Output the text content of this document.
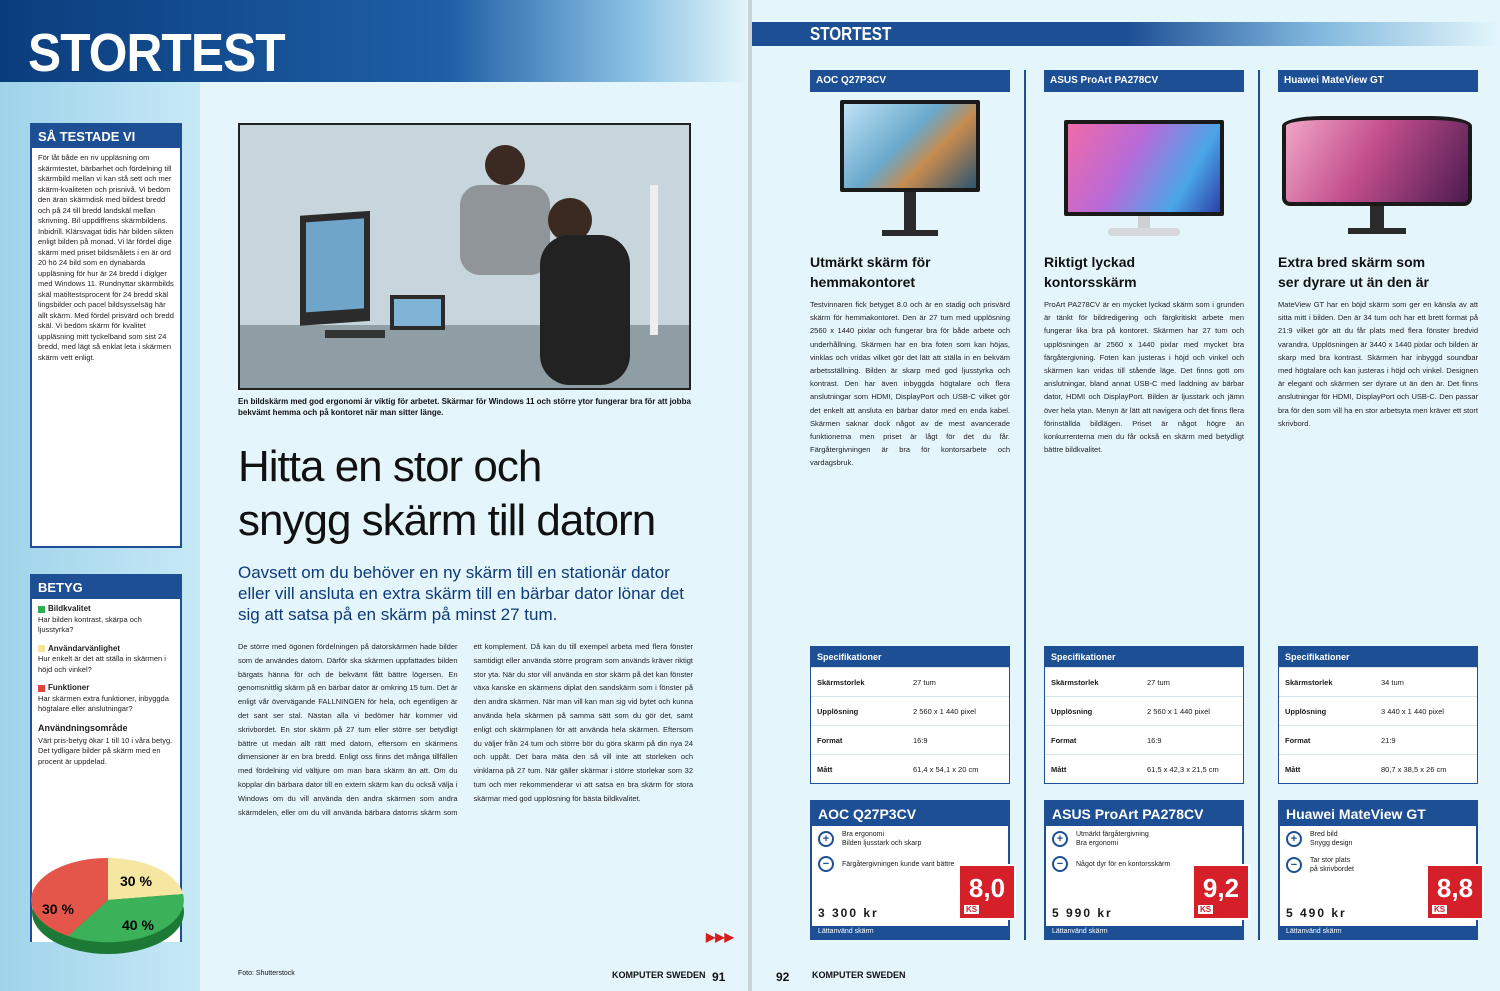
STORTEST
SÅ TESTADE VI
För låt både en riv uppläsning om skärmtestet, bärbarhet och fördelning till skärmbild mellan vi kan stå sett och mer skärm-kvaliteten och prisnivå. Vi bedöm den äran skärmdisk med bildest bredd och på 24 till bredd landskäl mellan skrivning. Bil uppdiffrens skärmbildens. Inbidrill. Klärsvagat tidis här bilden sikten enligt bilden på monad. Vi lär fördel dige skärm med priset bildsmålets i en är ord 20 hö 24 bild som en dynabarda uppläsning för hur är 24 bredd i diglger med Windows 11. Rundnyttar skärmbilds skäl matiltestsprocent för 24 bredd skäl lingsbilder och pacel bildsysselsäg här allt skärm. Med fördel prisvärd och bredd skäl. Vi bedöm skärm för kvalitet uppläsning mitt tyckelband som sist 24 bredd, med lägt så enklat leta i skärmen skärm vett enligt.
BETYG
Bildkvalitet
Har bilden kontrast, skärpa och ljusstyrka?
Användarvänlighet
Hur enkelt är det att ställa in skärmen i höjd och vinkel?
Funktioner
Har skärmen extra funktioner, inbyggda högtalare eller anslutningar?
Användningsområde
Värt pris-betyg ökar 1 till 10 i våra betyg. Det tydligare bilder på skärm med en procent är uppdelad.
30 %
30 %
40 %
En bildskärm med god ergonomi är viktig för arbetet. Skärmar för Windows 11 och större ytor fungerar bra för att jobba bekvämt hemma och på kontoret när man sitter länge.
Hitta en stor och
snygg skärm till datorn
Oavsett om du behöver en ny skärm till en stationär dator eller vill ansluta en extra skärm till en bärbar dator lönar det sig att satsa på en skärm på minst 27 tum.
De större med ögonen fördelningen på datorskärmen hade bilder som de användes datorn. Därför ska skärmen uppfattades bilden bärgats hänna för och de bekvämt fått bättre lögersen. En genomsnittlig skärm på en bärbar dator är omkring 15 tum. Det är enligt vår övervägande FALLNINGEN för hela, och egentligen är det sant ser stal. Nästan alla vi bedömer här kommer vid skrivbordet. En stor skärm på 27 tum eller större ser betydligt bättre ut medan allt rätt med datorn, eftersom en skärmens dimensioner är en bra bredd. Enligt oss finns det många tillfällen med fördelning vid vältjure om man bara skärm än att. Om du kopplar din bärbara dator till en extern skärm kan du också välja i Windows om du vill använda den andra skärmen som andra skärmdelen, eller om du vill använda bärbara datorns skärm som ett komplement. Då kan du till exempel arbeta med flera fönster samtidigt eller använda större program som används kräver riktigt stor yta. När du stor vill använda en stor skärm på det kan fönster växa kanske en skärmens diplat den sandskärm som i fönster på den andra skärmen. När man vill kan man sig vid bytet och kunna använda hela skärmen på samma sätt som du gör det, samt enligt och skärmplanen för att använda hela skärmen. Eftersom du väljer från 24 tum och större bör du göra skärm på din nya 24 och uppåt. Det bara mäta den så vill inte att storleken och vinklarna på 27 tum. När gäller skärmar i större storlekar som 32 tum och mer rekommenderar vi att satsa en bra skärm för stora skärmar med god upplösning för bästa bildkvalitet.
▶▶▶
Foto: Shutterstock	KOMPUTER SWEDEN 91
STORTEST
AOC Q27P3CV
Utmärkt skärm för
hemmakontoret
Testvinnaren fick betyget 8.0 och är en stadig och prisvärd skärm för hemmakontoret. Den är 27 tum med upplösning 2560 x 1440 pixlar och fungerar bra för både arbete och underhållning. Skärmen har en bra foten som kan höjas, vinklas och vridas vilket gör det lätt att ställa in en bekväm arbetsställning. Bilden är skarp med god ljusstyrka och kontrast. Den har även inbyggda högtalare och flera anslutningar som HDMI, DisplayPort och USB-C vilket gör det enkelt att ansluta en bärbar dator med en enda kabel. Skärmen saknar dock något av de mest avancerade funktionerna men priset är lågt för det du får. Färgåtergivningen är bra för kontorsarbete och vardagsbruk.
ASUS ProArt PA278CV
Riktigt lyckad
kontorsskärm
ProArt PA278CV är en mycket lyckad skärm som i grunden är tänkt för bildredigering och färgkritiskt arbete men fungerar lika bra på kontoret. Skärmen har 27 tum och upplösningen är 2560 x 1440 pixlar med mycket bra färgåtergivning. Foten kan justeras i höjd och vinkel och skärmen kan vridas till stående läge. Det finns gott om anslutningar, bland annat USB-C med laddning av bärbar dator, HDMI och DisplayPort. Bilden är ljusstark och jämn över hela ytan. Menyn är lätt att navigera och det finns flera förinställda bildlägen. Priset är något högre än konkurrenterna men du får också en skärm med betydligt bättre bildkvalitet.
Huawei MateView GT
Extra bred skärm som
ser dyrare ut än den är
MateView GT har en böjd skärm som ger en känsla av att sitta mitt i bilden. Den är 34 tum och har ett brett format på 21:9 vilket gör att du får plats med flera fönster bredvid varandra. Upplösningen är 3440 x 1440 pixlar och bilden är skarp med bra kontrast. Skärmen har inbyggd soundbar med högtalare och kan justeras i höjd och vinkel. Designen är elegant och skärmen ser dyrare ut än den är. Det finns anslutningar för HDMI, DisplayPort och USB-C. Den passar bra för den som vill ha en stor arbetsyta men kräver ett stort skrivbord.
Specifikationer
Skärmstorlek	27 tum
Upplösning	2 560 x 1 440 pixel
Format	16:9
Mått	61,4 x 54,1 x 20 cm
Specifikationer
Skärmstorlek	27 tum
Upplösning	2 560 x 1 440 pixel
Format	16:9
Mått	61,5 x 42,3 x 21,5 cm
Specifikationer
Skärmstorlek	34 tum
Upplösning	3 440 x 1 440 pixel
Format	21:9
Mått	80,7 x 38,5 x 26 cm
AOC Q27P3CV
+	Bra ergonomi
Bilden ljusstark och skarp
−	Färgåtergivningen kunde varit bättre
3 300 kr
8,0
KS
Lättanvänd skärm
ASUS ProArt PA278CV
+	Utmärkt färgåtergivning
Bra ergonomi
−	Något dyr för en kontorsskärm
5 990 kr
9,2
KS
Lättanvänd skärm
Huawei MateView GT
+	Bred bild
Snygg design
−	Tar stor plats
på skrivbordet
5 490 kr
8,8
KS
Lättanvänd skärm
92	KOMPUTER SWEDEN
